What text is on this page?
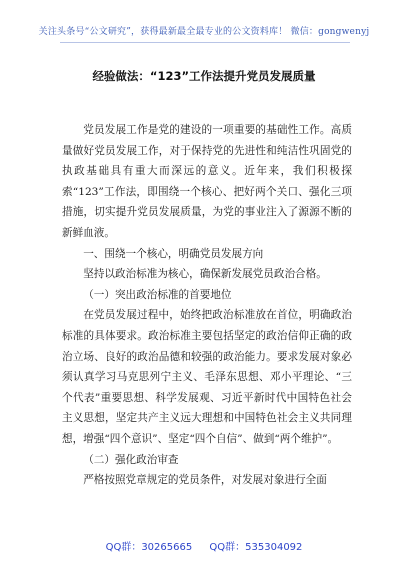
关注头条号“公文研究”，获得最新最全最专业的公文资料库！ 微信：gongwenyj
经验做法：“123”工作法提升党员发展质量

党员发展工作是党的建设的一项重要的基础性工作。高质量做好党员发展工作，对于保持党的先进性和纯洁性巩固党的执政基础具有重大而深远的意义。近年来，我们积极探索“123”工作法，即围绕一个核心、把好两个关口、强化三项措施，切实提升党员发展质量，为党的事业注入了源源不断的新鲜血液。

一、围绕一个核心，明确党员发展方向

坚持以政治标准为核心，确保新发展党员政治合格。

（一）突出政治标准的首要地位

在党员发展过程中，始终把政治标准放在首位，明确政治标准的具体要求。政治标准主要包括坚定的政治信仰正确的政治立场、良好的政治品德和较强的政治能力。要求发展对象必须认真学习马克思列宁主义、毛泽东思想、邓小平理论、“三个代表”重要思想、科学发展观、习近平新时代中国特色社会主义思想，坚定共产主义远大理想和中国特色社会主义共同理想，增强“四个意识”、坚定“四个自信”、做到“两个维护”。

（二）强化政治审查

严格按照党章规定的党员条件，对发展对象进行全面

QQ群：30265665 QQ群：535304092
